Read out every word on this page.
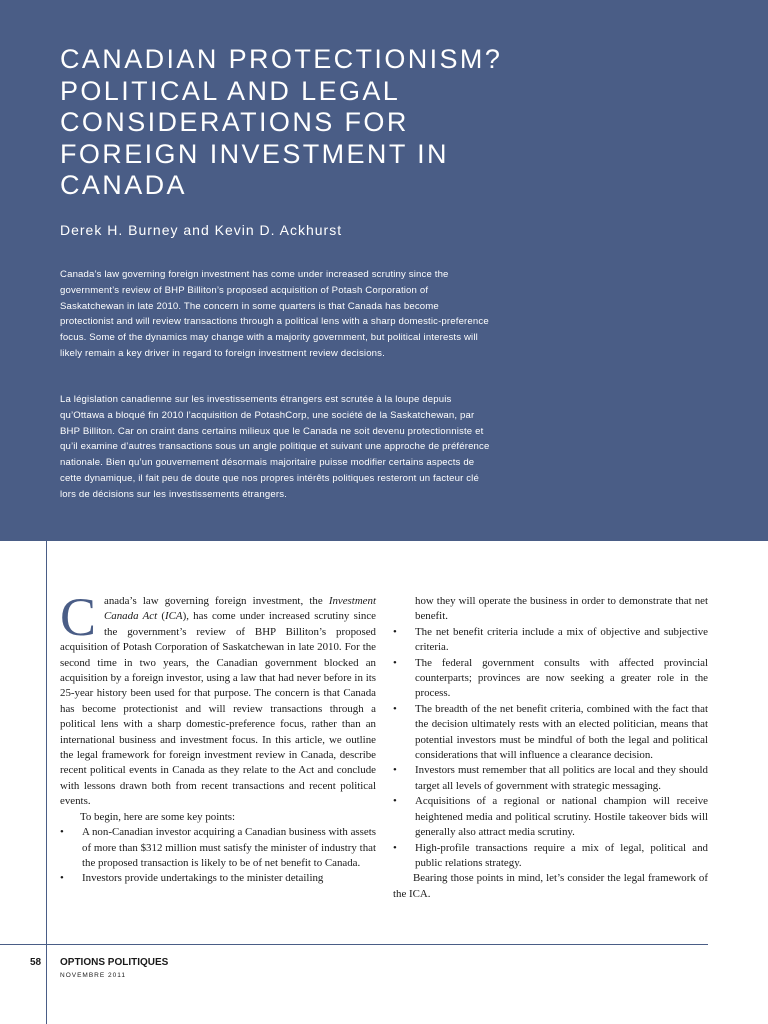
CANADIAN PROTECTIONISM?
POLITICAL AND LEGAL
CONSIDERATIONS FOR
FOREIGN INVESTMENT IN
CANADA
Derek H. Burney and Kevin D. Ackhurst

Canada’s law governing foreign investment has come under increased scrutiny since the government’s review of BHP Billiton’s proposed acquisition of Potash Corporation of Saskatchewan in late 2010. The concern in some quarters is that Canada has become protectionist and will review transactions through a political lens with a sharp domestic-preference focus. Some of the dynamics may change with a majority government, but political interests will likely remain a key driver in regard to foreign investment review decisions.

La législation canadienne sur les investissements étrangers est scrutée à la loupe depuis qu’Ottawa a bloqué fin 2010 l’acquisition de PotashCorp, une société de la Saskatchewan, par BHP Billiton. Car on craint dans certains milieux que le Canada ne soit devenu protectionniste et qu’il examine d’autres transactions sous un angle politique et suivant une approche de préférence nationale. Bien qu’un gouvernement désormais majoritaire puisse modifier certains aspects de cette dynamique, il fait peu de doute que nos propres intérêts politiques resteront un facteur clé lors de décisions sur les investissements étrangers.

Canada’s law governing foreign investment, the Investment Canada Act (ICA), has come under increased scrutiny since the government’s review of BHP Billiton’s proposed acquisition of Potash Corporation of Saskatchewan in late 2010. For the second time in two years, the Canadian government blocked an acquisition by a foreign investor, using a law that had never before in its 25-year history been used for that purpose. The concern is that Canada has become protectionist and will review transactions through a political lens with a sharp domestic-preference focus, rather than an international business and investment focus. In this article, we outline the legal framework for foreign investment review in Canada, describe recent political events in Canada as they relate to the Act and conclude with lessons drawn both from recent transactions and recent political events.

To begin, here are some key points:

• A non-Canadian investor acquiring a Canadian business with assets of more than $312 million must satisfy the minister of industry that the proposed transaction is likely to be of net benefit to Canada.
• Investors provide undertakings to the minister detailing

how they will operate the business in order to demonstrate that net benefit.

• The net benefit criteria include a mix of objective and subjective criteria.
• The federal government consults with affected provincial counterparts; provinces are now seeking a greater role in the process.
• The breadth of the net benefit criteria, combined with the fact that the decision ultimately rests with an elected politician, means that potential investors must be mindful of both the legal and political considerations that will influence a clearance decision.
• Investors must remember that all politics are local and they should target all levels of government with strategic messaging.
• Acquisitions of a regional or national champion will receive heightened media and political scrutiny. Hostile takeover bids will generally also attract media scrutiny.
• High-profile transactions require a mix of legal, political and public relations strategy.

Bearing those points in mind, let’s consider the legal framework of the ICA.

58 OPTIONS POLITIQUES
NOVEMBRE 2011
